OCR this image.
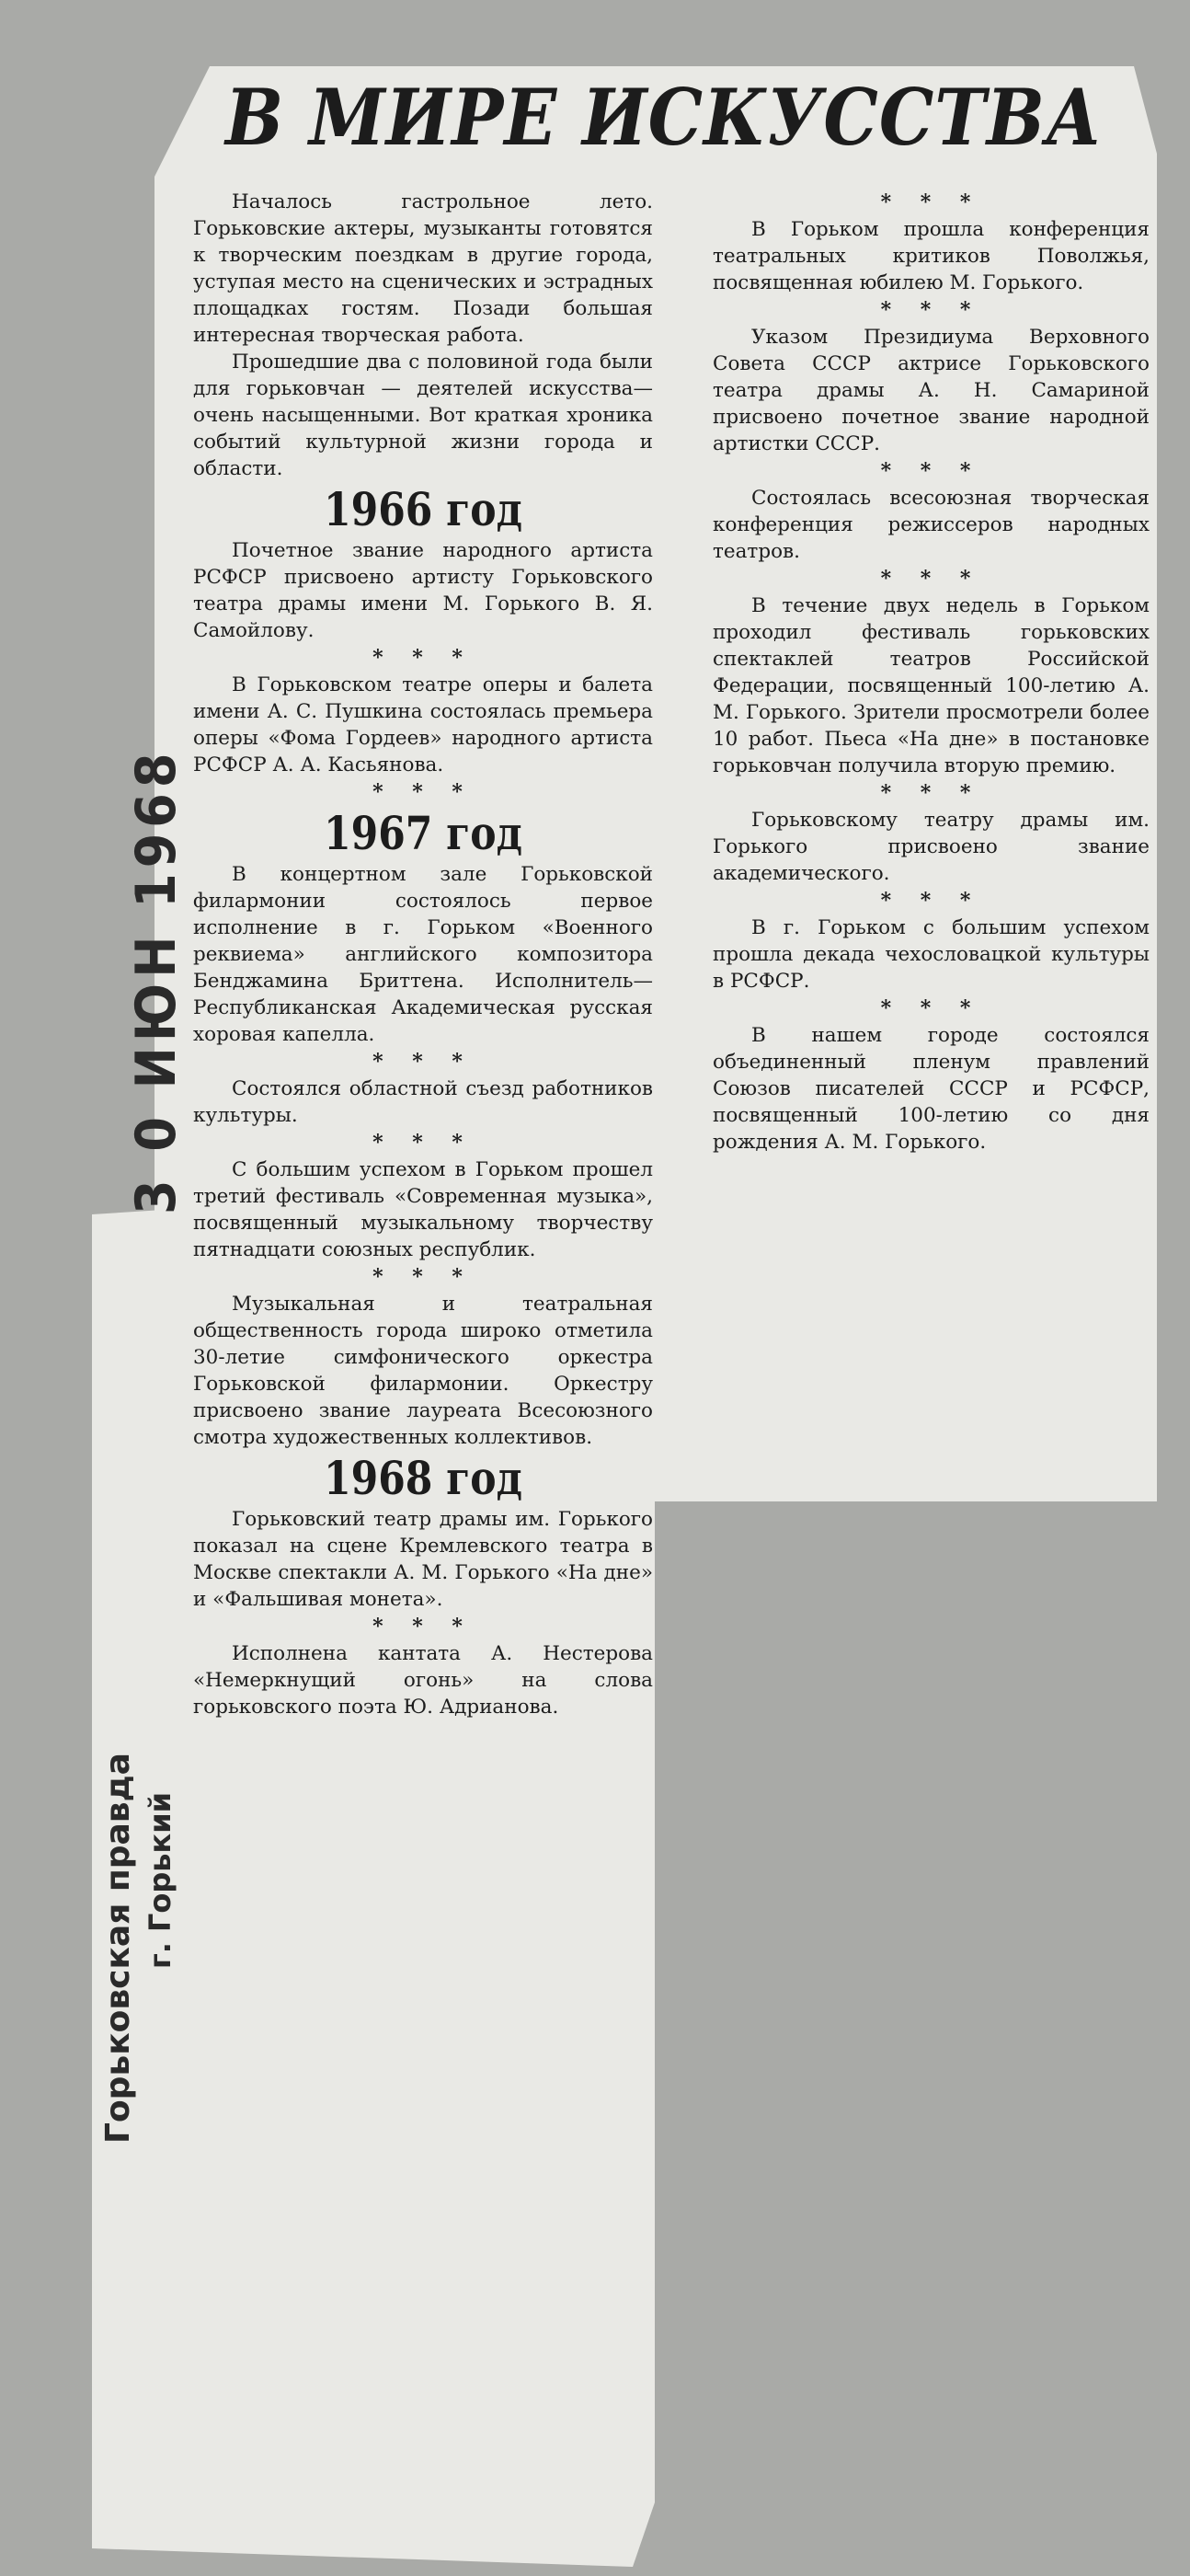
В МИРЕ ИСКУССТВА

Началось гастрольное лето. Горьковские актеры, музыканты готовятся к творческим поездкам в другие города, уступая место на сценических и эстрадных площадках гостям. Позади большая интересная творческая работа.

Прошедшие два с половиной года были для горьковчан — деятелей искусства—очень насыщенными. Вот краткая хроника событий культурной жизни города и области.

1966 год

Почетное звание народного артиста РСФСР присвоено артисту Горьковского театра драмы имени М. Горького В. Я. Самойлову.

* * *

В Горьковском театре оперы и балета имени А. С. Пушкина состоялась премьера оперы «Фома Гордеев» народного артиста РСФСР А. А. Касьянова.

* * *
1967 год

В концертном зале Горьковской филармонии состоялось первое исполнение в г. Горьком «Военного реквиема» английского композитора Бенджамина Бриттена. Исполнитель—Республиканская Академическая русская хоровая капелла.

* * *

Состоялся областной съезд работников культуры.

* * *

С большим успехом в Горьком прошел третий фестиваль «Современная музыка», посвященный музыкальному творчеству пятнадцати союзных республик.

* * *

Музыкальная и театральная общественность города широко отметила 30-летие симфонического оркестра Горьковской филармонии. Оркестру присвоено звание лауреата Всесоюзного смотра художественных коллективов.

1968 год

Горьковский театр драмы им. Горького показал на сцене Кремлевского театра в Москве спектакли А. М. Горького «На дне» и «Фальшивая монета».

* * *

Исполнена кантата А. Нестерова «Немеркнущий огонь» на слова горьковского поэта Ю. Адрианова.

* * *

В Горьком прошла конференция театральных критиков Поволжья, посвященная юбилею М. Горького.

* * *

Указом Президиума Верховного Совета СССР актрисе Горьковского театра драмы А. Н. Самариной присвоено почетное звание народной артистки СССР.

* * *

Состоялась всесоюзная творческая конференция режиссеров народных театров.

* * *

В течение двух недель в Горьком проходил фестиваль горьковских спектаклей театров Российской Федерации, посвященный 100-летию А. М. Горького. Зрители просмотрели более 10 работ. Пьеса «На дне» в постановке горьковчан получила вторую премию.

* * *

Горьковскому театру драмы им. Горького присвоено звание академического.

* * *

В г. Горьком с большим успехом прошла декада чехословацкой культуры в РСФСР.

* * *

В нашем городе состоялся объединенный пленум правлений Союзов писателей СССР и РСФСР, посвященный 100-летию со дня рождения А. М. Горького.

3 0 ИЮН 1968
Горьковская правда г. Горький
